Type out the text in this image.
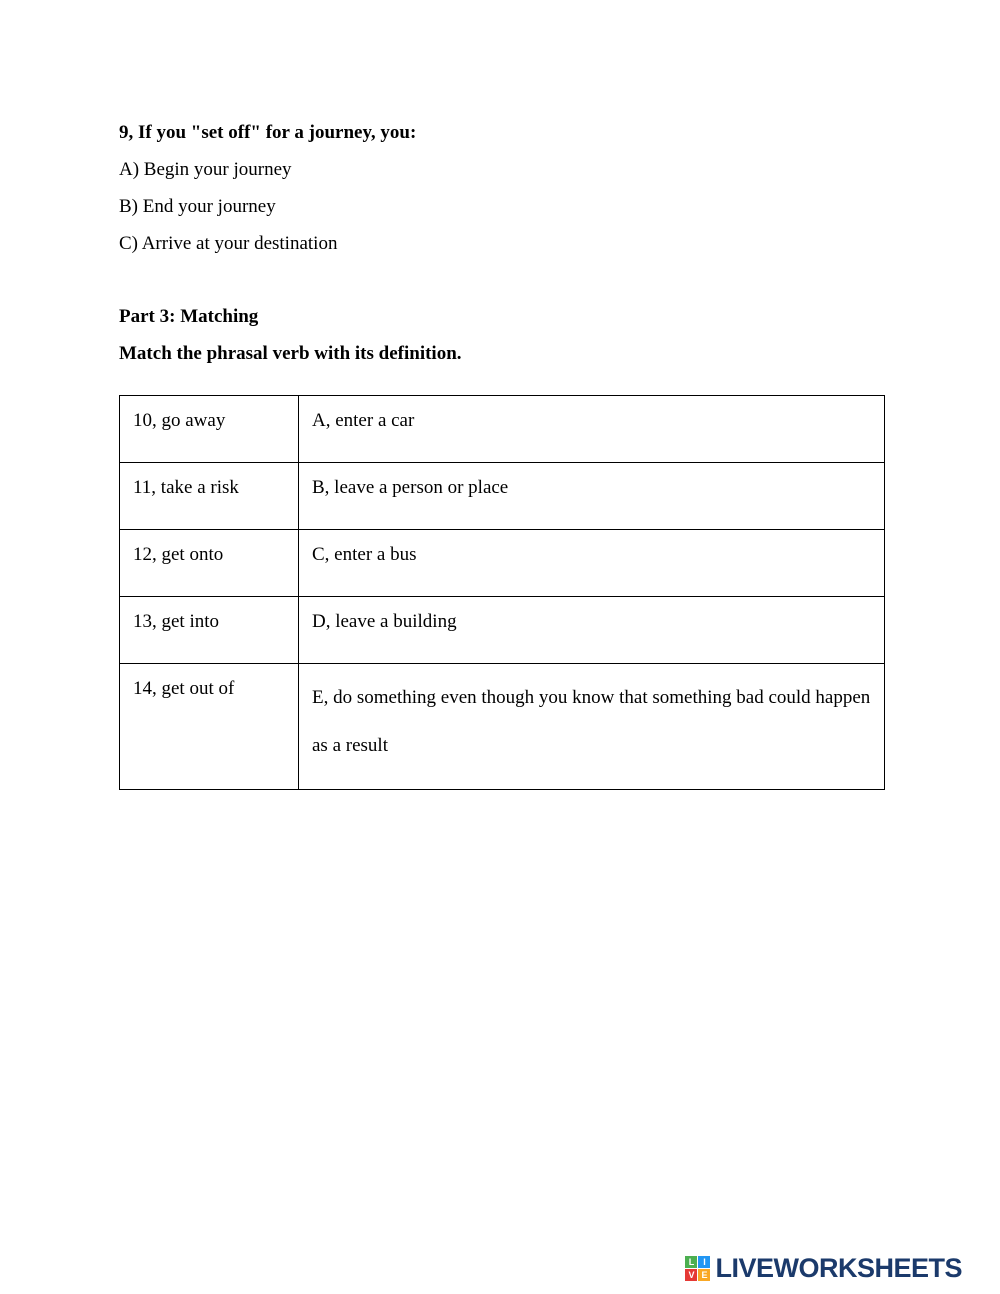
9, If you "set off" for a journey, you:

A) Begin your journey

B) End your journey

C) Arrive at your destination

Part 3: Matching

Match the phrasal verb with its definition.

10, go away	A, enter a car
11, take a risk	B, leave a person or place
12, get onto	C, enter a bus
13, get into	D, leave a building
14, get out of	E, do something even though you know that something bad could happen as a result
L I
V E LIVEWORKSHEETS
